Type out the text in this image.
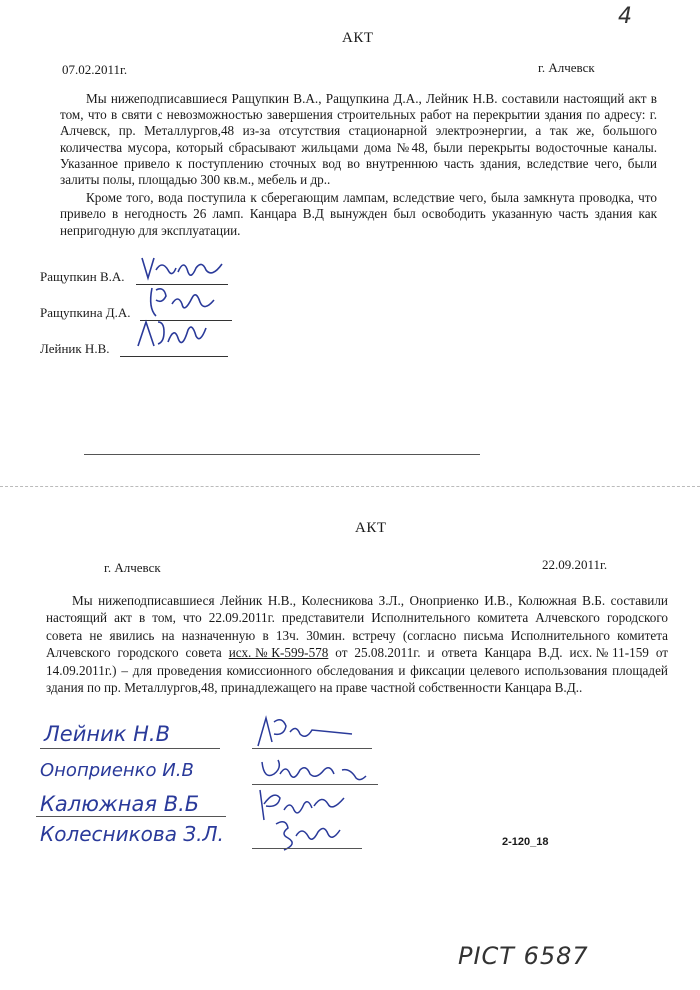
4
АКТ
07.02.2011г.	г. Алчевск

Мы нижеподписавшиеся Ращупкин В.А., Ращупкина Д.А., Лейник Н.В. составили настоящий акт в том, что в святи с невозможностью завершения строительных работ на перекрытии здания по адресу: г. Алчевск, пр. Металлургов,48 из-за отсутствия стационарной электроэнергии, а так же, большого количества мусора, который сбрасывают жильцами дома №48, были перекрыты водосточные каналы. Указанное привело к поступлению сточных вод во внутреннюю часть здания, вследствие чего, были залиты полы, площадью 300 кв.м., мебель и др..

Кроме того, вода поступила к сберегающим лампам, вследствие чего, была замкнута проводка, что привело в негодность 26 ламп. Канцара В.Д вынужден был освободить указанную часть здания как непригодную для эксплуатации.

Ращупкин В.А.
Ращупкина Д.А.
Лейник Н.В.
АКТ
г. Алчевск	22.09.2011г.

Мы нижеподписавшиеся Лейник Н.В., Колесникова З.Л., Оноприенко И.В., Колюжная В.Б. составили настоящий акт в том, что 22.09.2011г. представители Исполнительного комитета Алчевского городского совета не явились на назначенную в 13ч. 30мин. встречу (согласно письма Исполнительного комитета Алчевского городского совета исх.№К-599-578 от 25.08.2011г. и ответа Канцара В.Д. исх.№11-159 от 14.09.2011г.) – для проведения комиссионного обследования и фиксации целевого использования площадей здания по пр. Металлургов,48, принадлежащего на праве частной собственности Канцара В.Д..

Лейник Н.В
Оноприенко И.В
Калюжная В.Б
Колесникова З.Л.	2-120_18
PICT 6587
